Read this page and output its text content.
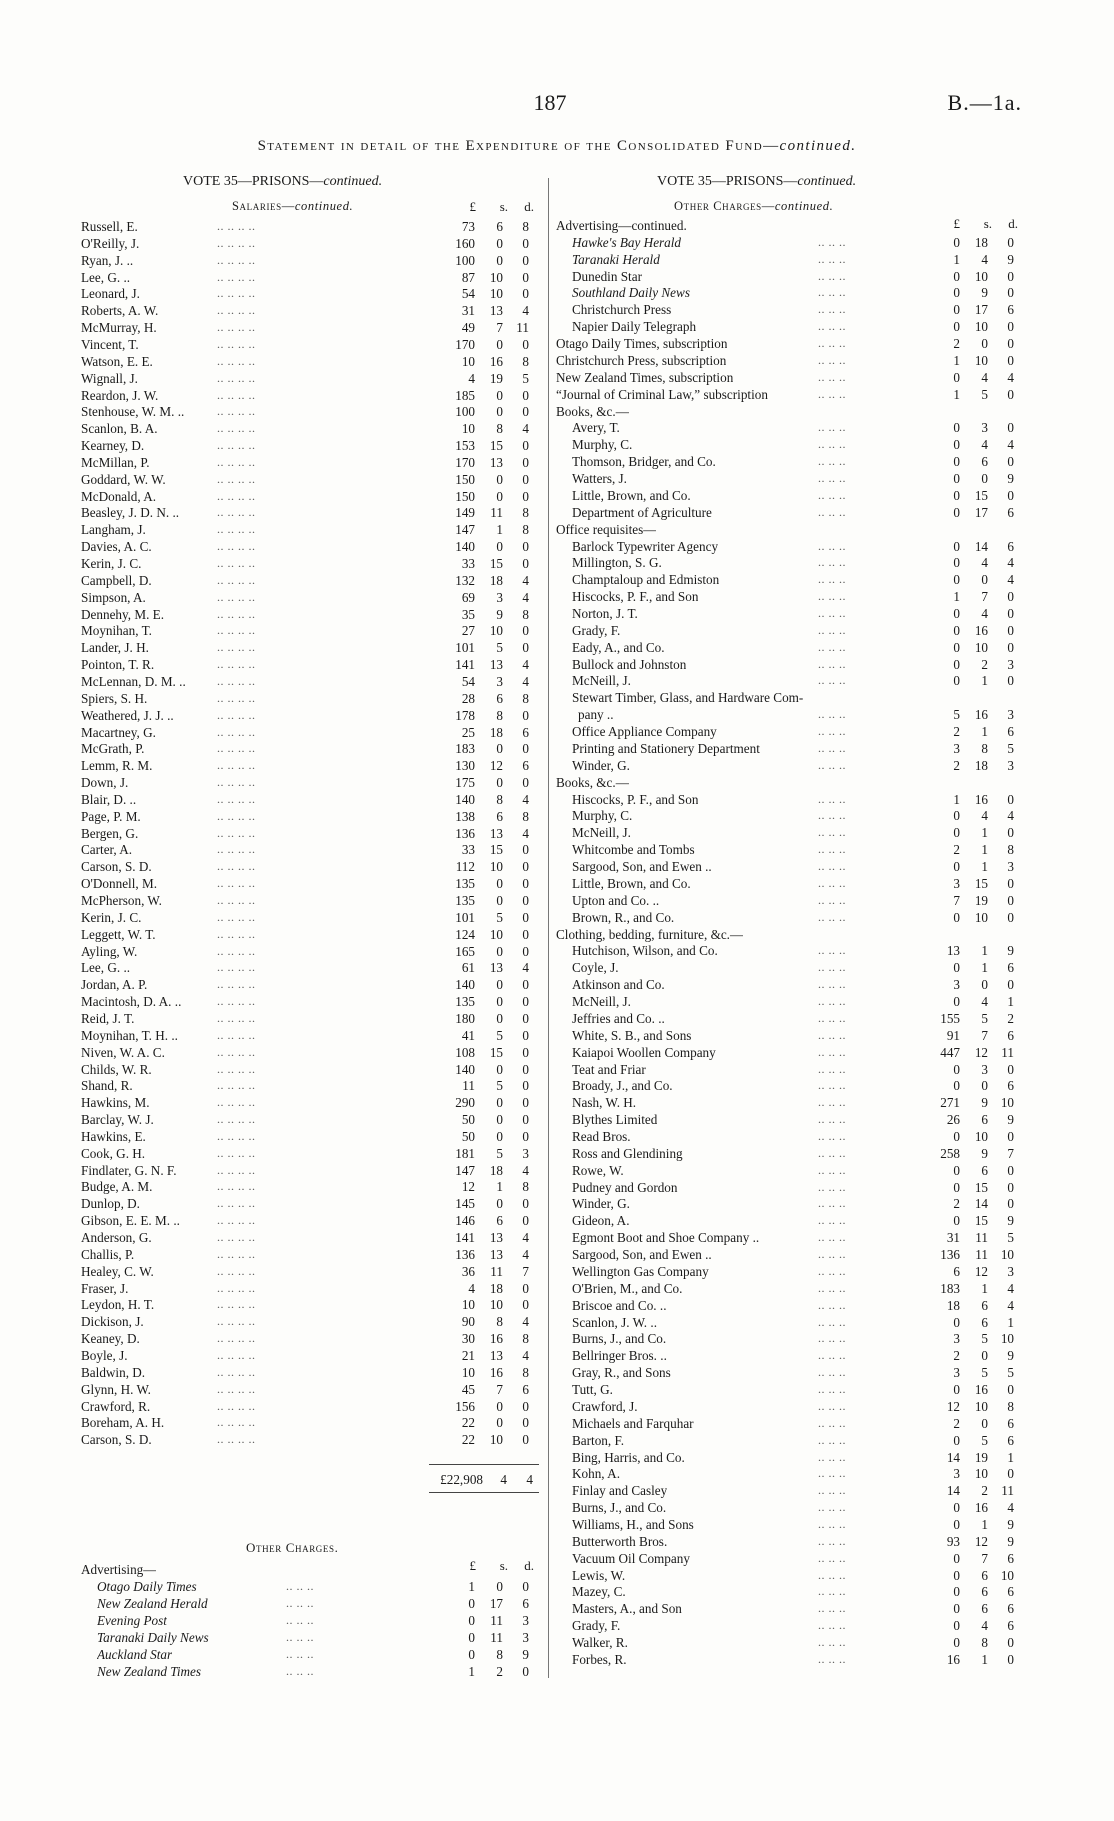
187	B.—1a.
Statement in detail of the Expenditure of the Consolidated Fund—continued.
VOTE 35—PRISONS—continued.
Salaries—continued.	£	s.	d.
VOTE 35—PRISONS—continued.
Other Charges—continued.
£	s.	d.
Russell, E.	.. .. .. ..	73	6	8
O'Reilly, J.	.. .. .. ..	160	0	0
Ryan, J. ..	.. .. .. ..	100	0	0
Lee, G. ..	.. .. .. ..	87	10	0
Leonard, J.	.. .. .. ..	54	10	0
Roberts, A. W.	.. .. .. ..	31	13	4
McMurray, H.	.. .. .. ..	49	7	11
Vincent, T.	.. .. .. ..	170	0	0
Watson, E. E.	.. .. .. ..	10	16	8
Wignall, J.	.. .. .. ..	4	19	5
Reardon, J. W.	.. .. .. ..	185	0	0
Stenhouse, W. M. ..	.. .. .. ..	100	0	0
Scanlon, B. A.	.. .. .. ..	10	8	4
Kearney, D.	.. .. .. ..	153	15	0
McMillan, P.	.. .. .. ..	170	13	0
Goddard, W. W.	.. .. .. ..	150	0	0
McDonald, A.	.. .. .. ..	150	0	0
Beasley, J. D. N. ..	.. .. .. ..	149	11	8
Langham, J.	.. .. .. ..	147	1	8
Davies, A. C.	.. .. .. ..	140	0	0
Kerin, J. C.	.. .. .. ..	33	15	0
Campbell, D.	.. .. .. ..	132	18	4
Simpson, A.	.. .. .. ..	69	3	4
Dennehy, M. E.	.. .. .. ..	35	9	8
Moynihan, T.	.. .. .. ..	27	10	0
Lander, J. H.	.. .. .. ..	101	5	0
Pointon, T. R.	.. .. .. ..	141	13	4
McLennan, D. M. ..	.. .. .. ..	54	3	4
Spiers, S. H.	.. .. .. ..	28	6	8
Weathered, J. J. ..	.. .. .. ..	178	8	0
Macartney, G.	.. .. .. ..	25	18	6
McGrath, P.	.. .. .. ..	183	0	0
Lemm, R. M.	.. .. .. ..	130	12	6
Down, J.	.. .. .. ..	175	0	0
Blair, D. ..	.. .. .. ..	140	8	4
Page, P. M.	.. .. .. ..	138	6	8
Bergen, G.	.. .. .. ..	136	13	4
Carter, A.	.. .. .. ..	33	15	0
Carson, S. D.	.. .. .. ..	112	10	0
O'Donnell, M.	.. .. .. ..	135	0	0
McPherson, W.	.. .. .. ..	135	0	0
Kerin, J. C.	.. .. .. ..	101	5	0
Leggett, W. T.	.. .. .. ..	124	10	0
Ayling, W.	.. .. .. ..	165	0	0
Lee, G. ..	.. .. .. ..	61	13	4
Jordan, A. P.	.. .. .. ..	140	0	0
Macintosh, D. A. ..	.. .. .. ..	135	0	0
Reid, J. T.	.. .. .. ..	180	0	0
Moynihan, T. H. ..	.. .. .. ..	41	5	0
Niven, W. A. C.	.. .. .. ..	108	15	0
Childs, W. R.	.. .. .. ..	140	0	0
Shand, R.	.. .. .. ..	11	5	0
Hawkins, M.	.. .. .. ..	290	0	0
Barclay, W. J.	.. .. .. ..	50	0	0
Hawkins, E.	.. .. .. ..	50	0	0
Cook, G. H.	.. .. .. ..	181	5	3
Findlater, G. N. F.	.. .. .. ..	147	18	4
Budge, A. M.	.. .. .. ..	12	1	8
Dunlop, D.	.. .. .. ..	145	0	0
Gibson, E. E. M. ..	.. .. .. ..	146	6	0
Anderson, G.	.. .. .. ..	141	13	4
Challis, P.	.. .. .. ..	136	13	4
Healey, C. W.	.. .. .. ..	36	11	7
Fraser, J.	.. .. .. ..	4	18	0
Leydon, H. T.	.. .. .. ..	10	10	0
Dickison, J.	.. .. .. ..	90	8	4
Keaney, D.	.. .. .. ..	30	16	8
Boyle, J.	.. .. .. ..	21	13	4
Baldwin, D.	.. .. .. ..	10	16	8
Glynn, H. W.	.. .. .. ..	45	7	6
Crawford, R.	.. .. .. ..	156	0	0
Boreham, A. H.	.. .. .. ..	22	0	0
Carson, S. D.	.. .. .. ..	22	10	0
£22,908	4	4
Other Charges.
£	s.	d.
Advertising—
Otago Daily Times	.. .. ..	1	0	0
New Zealand Herald	.. .. ..	0	17	6
Evening Post	.. .. ..	0	11	3
Taranaki Daily News	.. .. ..	0	11	3
Auckland Star	.. .. ..	0	8	9
New Zealand Times	.. .. ..	1	2	0
Advertising—continued.
Hawke's Bay Herald	.. .. ..	0	18	0
Taranaki Herald	.. .. ..	1	4	9
Dunedin Star	.. .. ..	0	10	0
Southland Daily News	.. .. ..	0	9	0
Christchurch Press	.. .. ..	0	17	6
Napier Daily Telegraph	.. .. ..	0	10	0
Otago Daily Times, subscription	.. .. ..	2	0	0
Christchurch Press, subscription	.. .. ..	1	10	0
New Zealand Times, subscription	.. .. ..	0	4	4
“Journal of Criminal Law,” subscription	.. .. ..	1	5	0
Books, &c.—
Avery, T.	.. .. ..	0	3	0
Murphy, C.	.. .. ..	0	4	4
Thomson, Bridger, and Co.	.. .. ..	0	6	0
Watters, J.	.. .. ..	0	0	9
Little, Brown, and Co.	.. .. ..	0	15	0
Department of Agriculture	.. .. ..	0	17	6
Office requisites—
Barlock Typewriter Agency	.. .. ..	0	14	6
Millington, S. G.	.. .. ..	0	4	4
Champtaloup and Edmiston	.. .. ..	0	0	4
Hiscocks, P. F., and Son	.. .. ..	1	7	0
Norton, J. T.	.. .. ..	0	4	0
Grady, F.	.. .. ..	0	16	0
Eady, A., and Co.	.. .. ..	0	10	0
Bullock and Johnston	.. .. ..	0	2	3
McNeill, J.	.. .. ..	0	1	0
Stewart Timber, Glass, and Hardware Com-
pany ..	.. .. ..	5	16	3
Office Appliance Company	.. .. ..	2	1	6
Printing and Stationery Department	.. .. ..	3	8	5
Winder, G.	.. .. ..	2	18	3
Books, &c.—
Hiscocks, P. F., and Son	.. .. ..	1	16	0
Murphy, C.	.. .. ..	0	4	4
McNeill, J.	.. .. ..	0	1	0
Whitcombe and Tombs	.. .. ..	2	1	8
Sargood, Son, and Ewen ..	.. .. ..	0	1	3
Little, Brown, and Co.	.. .. ..	3	15	0
Upton and Co. ..	.. .. ..	7	19	0
Brown, R., and Co.	.. .. ..	0	10	0
Clothing, bedding, furniture, &c.—
Hutchison, Wilson, and Co.	.. .. ..	13	1	9
Coyle, J.	.. .. ..	0	1	6
Atkinson and Co.	.. .. ..	3	0	0
McNeill, J.	.. .. ..	0	4	1
Jeffries and Co. ..	.. .. ..	155	5	2
White, S. B., and Sons	.. .. ..	91	7	6
Kaiapoi Woollen Company	.. .. ..	447	12	11
Teat and Friar	.. .. ..	0	3	0
Broady, J., and Co.	.. .. ..	0	0	6
Nash, W. H.	.. .. ..	271	9 10
Blythes Limited	.. .. ..	26	6	9
Read Bros.	.. .. ..	0	10	0
Ross and Glendining	.. .. ..	258	9	7
Rowe, W.	.. .. ..	0	6	0
Pudney and Gordon	.. .. ..	0	15	0
Winder, G.	.. .. ..	2	14	0
Gideon, A.	.. .. ..	0	15	9
Egmont Boot and Shoe Company ..	.. .. ..	31	11	5
Sargood, Son, and Ewen ..	.. .. ..	136	11 10
Wellington Gas Company	.. .. ..	6	12	3
O'Brien, M., and Co.	.. .. ..	183	1	4
Briscoe and Co. ..	.. .. ..	18	6	4
Scanlon, J. W. ..	.. .. ..	0	6	1
Burns, J., and Co.	.. .. ..	3	5 10
Bellringer Bros. ..	.. .. ..	2	0	9
Gray, R., and Sons	.. .. ..	3	5	5
Tutt, G.	.. .. ..	0	16	0
Crawford, J.	.. .. ..	12	10	8
Michaels and Farquhar	.. .. ..	2	0	6
Barton, F.	.. .. ..	0	5	6
Bing, Harris, and Co.	.. .. ..	14	19	1
Kohn, A.	.. .. ..	3	10	0
Finlay and Casley	.. .. ..	14	2	11
Burns, J., and Co.	.. .. ..	0	16	4
Williams, H., and Sons	.. .. ..	0	1	9
Butterworth Bros.	.. .. ..	93	12	9
Vacuum Oil Company	.. .. ..	0	7	6
Lewis, W.	.. .. ..	0	6 10
Mazey, C.	.. .. ..	0	6	6
Masters, A., and Son	.. .. ..	0	6	6
Grady, F.	.. .. ..	0	4	6
Walker, R.	.. .. ..	0	8	0
Forbes, R.	.. .. ..	16	1	0
